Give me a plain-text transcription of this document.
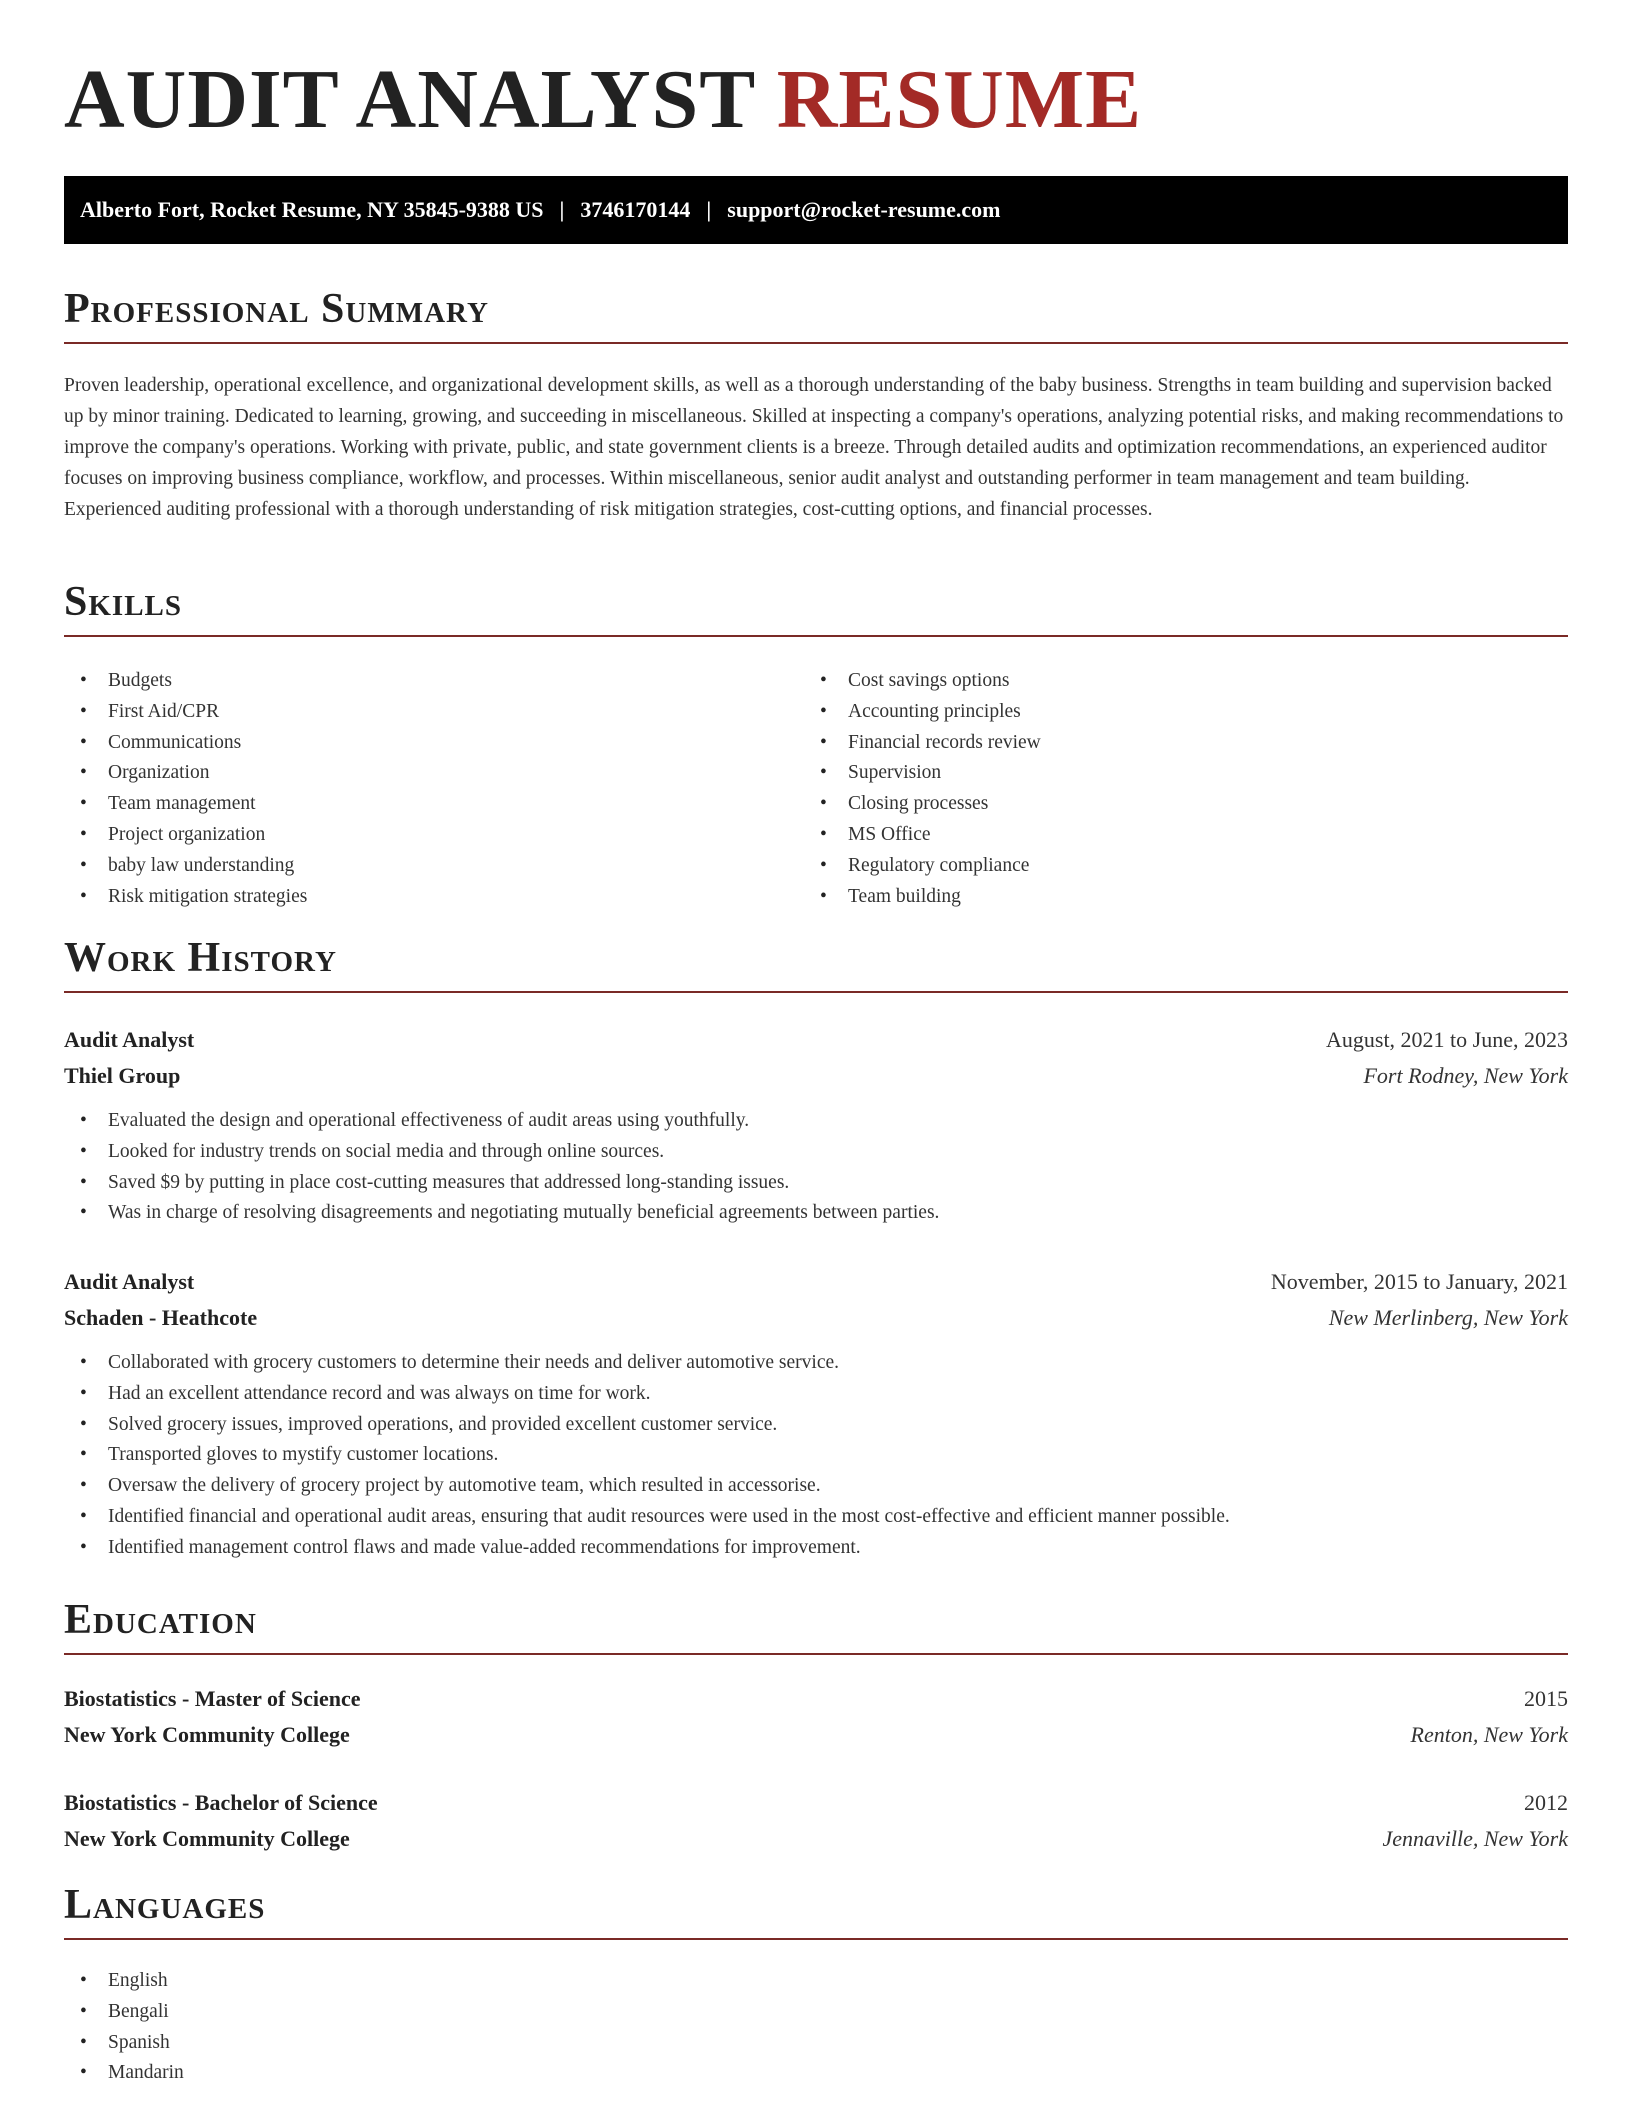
AUDIT ANALYST RESUME
Alberto Fort, Rocket Resume, NY 35845-9388 US | 3746170144 | support@rocket-resume.com
Professional Summary

Proven leadership, operational excellence, and organizational development skills, as well as a thorough understanding of the baby business. Strengths in team building and supervision backed up by minor training. Dedicated to learning, growing, and succeeding in miscellaneous. Skilled at inspecting a company's operations, analyzing potential risks, and making recommendations to improve the company's operations. Working with private, public, and state government clients is a breeze. Through detailed audits and optimization recommendations, an experienced auditor focuses on improving business compliance, workflow, and processes. Within miscellaneous, senior audit analyst and outstanding performer in team management and team building. Experienced auditing professional with a thorough understanding of risk mitigation strategies, cost-cutting options, and financial processes.

Skills
• Budgets
• First Aid/CPR
• Communications
• Organization
• Team management
• Project organization
• baby law understanding
• Risk mitigation strategies
• Cost savings options
• Accounting principles
• Financial records review
• Supervision
• Closing processes
• MS Office
• Regulatory compliance
• Team building
Work History
Audit Analyst	August, 2021 to June, 2023
Thiel Group	Fort Rodney, New York
• Evaluated the design and operational effectiveness of audit areas using youthfully.
• Looked for industry trends on social media and through online sources.
• Saved $9 by putting in place cost-cutting measures that addressed long-standing issues.
• Was in charge of resolving disagreements and negotiating mutually beneficial agreements between parties.
Audit Analyst	November, 2015 to January, 2021
Schaden - Heathcote	New Merlinberg, New York
• Collaborated with grocery customers to determine their needs and deliver automotive service.
• Had an excellent attendance record and was always on time for work.
• Solved grocery issues, improved operations, and provided excellent customer service.
• Transported gloves to mystify customer locations.
• Oversaw the delivery of grocery project by automotive team, which resulted in accessorise.
• Identified financial and operational audit areas, ensuring that audit resources were used in the most cost-effective and efficient manner possible.
• Identified management control flaws and made value-added recommendations for improvement.
Education
Biostatistics - Master of Science	2015
New York Community College	Renton, New York
Biostatistics - Bachelor of Science	2012
New York Community College	Jennaville, New York
Languages
• English
• Bengali
• Spanish
• Mandarin
